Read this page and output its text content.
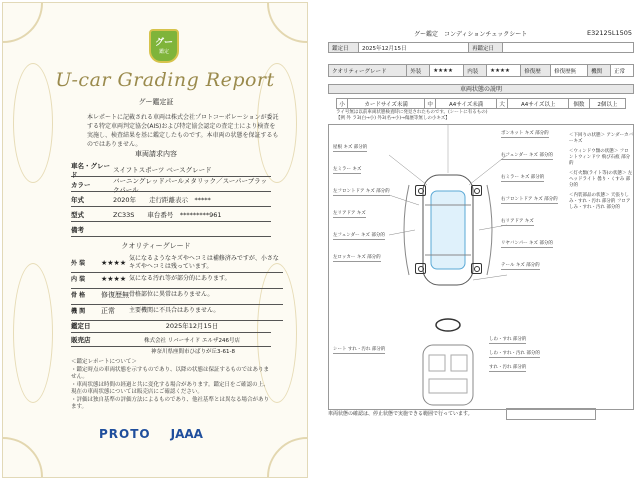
グー
鑑定
U-car Grading Report
グー鑑定証
本レポートに記載される車両は株式会社プロトコーポレーションが委託する特定車両判定協会(AIS)および特定協会認定の査定士により検査を実施し、検査結果を基に鑑定したものです。本車両の状態を保証するものではありません。
車両請求内容
車名・グレード
スイフトスポーツ ベースグレード
カラー
バーニングレッドパールメタリック／スーパーブラックパール
年式	2020年　　走行距離表示　*****
型式	ZC33S　　車台番号　*********961
備考
クオリティーグレード
外 装	★★★★
気になるようなキズやヘコミは補修済みですが、小さなキズやヘコミは残っています。
内 装	★★★★ 気になる汚れ等が部分的にあります。
骨 格	修復歴無 骨格部位に異常はありません。
機 関	正常	主要機関に不具合はありません。
鑑定日	2025年12月15日
販売店	株式会社 リバーサイド エルザ246号店
神奈川県座間市ひばりが丘3-61-8
＜鑑定レポートについて＞
・鑑定時点の車両状態を示すものであり、以降の状態は保証するものではありません。
・車両状態は時間の経過と共に変化する場合があります。鑑定日をご確認の上、現在の車両状態については販売店にご確認ください。
・評価は独自基準の評価方法によるものであり、他社基準とは異なる場合があります。
PROTO JAAA
グー鑑定　コンディションチェックシート	E32125L1505
鑑定日	2025年12月15日	再鑑定日	
クオリティーグレード	外装	★★★★	内装	★★★★	修復歴	修復歴無	機関	正常
車両状態の説明
小	カードサイズ未満	中	A4サイズ未満	大	A4サイズ以上	個数	2個以上
ライ号無は以前車両状態検査時に発見されたものです。(シートに有るもの)
【例 外 ラ3(白→小) 外3(名→小)→傷歴等無しの小キズ】
屋根 キズ 部分的
左ミラー キズ
左フロントドア キズ 部分的
左リアドア キズ
左フェンダー キズ 部分的
左ロッカー キズ 部分的
ボンネット キズ 部分的
右フェンダー キズ 部分的
右ミラー キズ 部分的
右フロントドア キズ 部分的
右リアドア キズ
リヤバンパー キズ 部分的
テール キズ 部分的
シート すれ・汚れ 部分的
しわ・すれ 部分的
しわ・すれ・汚れ 部分的
すれ・汚れ 部分的
＜下回りの状態＞ アンダーカバーキズ
＜ウィンドウ類の状態＞ フロントウィンドウ 飛び石痕 部分的
＜灯火類(ライト等)の状態＞ 左ヘッドライト 曇り・くすみ 部分的
＜内装部品の状態＞ 天張りしみ・すれ・汚れ 部分的 フロアしみ・すれ・汚れ 部分的
車両状態の確認は、停止状態で実施できる範囲で行っています。
